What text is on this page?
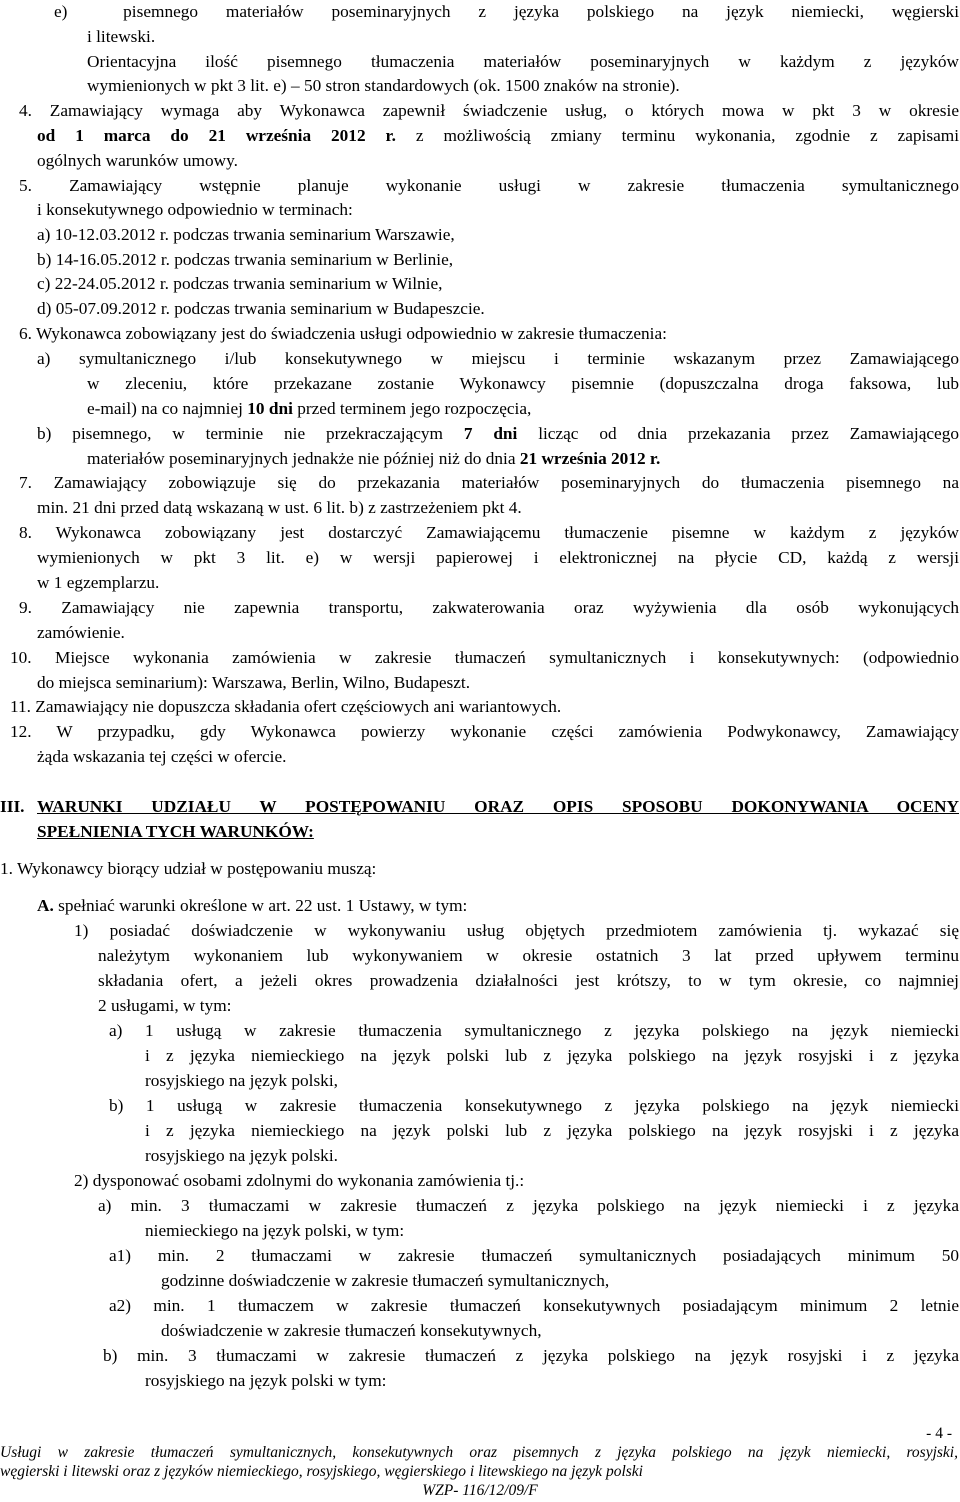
e)  pisemnego materiałów poseminaryjnych z języka polskiego na język niemiecki, węgierski
i litewski.
Orientacyjna ilość pisemnego tłumaczenia materiałów poseminaryjnych w każdym z języków
wymienionych w pkt 3 lit. e) – 50 stron standardowych (ok. 1500 znaków na stronie).
4. Zamawiający wymaga aby Wykonawca zapewnił świadczenie usług, o których mowa w pkt 3 w okresie
od 1 marca do 21 września 2012 r. z możliwością zmiany terminu wykonania, zgodnie z zapisami
ogólnych warunków umowy.
5. Zamawiający wstępnie planuje wykonanie usługi w zakresie tłumaczenia symultanicznego
i konsekutywnego odpowiednio w terminach:
a) 10-12.03.2012 r. podczas trwania seminarium Warszawie,
b) 14-16.05.2012 r. podczas trwania seminarium w Berlinie,
c) 22-24.05.2012 r. podczas trwania seminarium w Wilnie,
d) 05-07.09.2012 r. podczas trwania seminarium w Budapeszcie.
6. Wykonawca zobowiązany jest do świadczenia usługi odpowiednio w zakresie tłumaczenia:
a) symultanicznego i/lub konsekutywnego w miejscu i terminie wskazanym przez Zamawiającego
w zleceniu, które przekazane zostanie Wykonawcy pisemnie (dopuszczalna droga faksowa, lub
e-mail) na co najmniej 10 dni przed terminem jego rozpoczęcia,
b) pisemnego, w terminie nie przekraczającym 7 dni licząc od dnia przekazania przez Zamawiającego
materiałów poseminaryjnych jednakże nie później niż do dnia 21 września 2012 r.
7. Zamawiający zobowiązuje się do przekazania materiałów poseminaryjnych do tłumaczenia pisemnego na
min. 21 dni przed datą wskazaną w ust. 6 lit. b) z zastrzeżeniem pkt 4.
8. Wykonawca zobowiązany jest dostarczyć Zamawiającemu tłumaczenie pisemne w każdym z języków
wymienionych w pkt 3 lit. e) w wersji papierowej i elektronicznej na płycie CD, każdą z wersji
w 1 egzemplarzu.
9. Zamawiający nie zapewnia transportu, zakwaterowania oraz wyżywienia dla osób wykonujących
zamówienie.
10. Miejsce wykonania zamówienia w zakresie tłumaczeń symultanicznych i konsekutywnych: (odpowiednio
do miejsca seminarium): Warszawa, Berlin, Wilno, Budapeszt.
11. Zamawiający nie dopuszcza składania ofert częściowych ani wariantowych.
12. W przypadku, gdy Wykonawca powierzy wykonanie części zamówienia Podwykonawcy, Zamawiający
żąda wskazania tej części w ofercie.
III. WARUNKI UDZIAŁU W POSTĘPOWANIU ORAZ OPIS SPOSOBU DOKONYWANIA OCENY
SPEŁNIENIA TYCH WARUNKÓW:
1. Wykonawcy biorący udział w postępowaniu muszą:
A. spełniać warunki określone w art. 22 ust. 1 Ustawy, w tym:
1) posiadać doświadczenie w wykonywaniu usług objętych przedmiotem zamówienia tj. wykazać się
należytym wykonaniem lub wykonywaniem w okresie ostatnich 3 lat przed upływem terminu
składania ofert, a jeżeli okres prowadzenia działalności jest krótszy, to w tym okresie, co najmniej
2 usługami, w tym:
a) 1 usługą w zakresie tłumaczenia symultanicznego z języka polskiego na język niemiecki
i z języka niemieckiego na język polski lub z języka polskiego na język rosyjski i z języka
rosyjskiego na język polski,
b) 1 usługą w zakresie tłumaczenia konsekutywnego z języka polskiego na język niemiecki
i z języka niemieckiego na język polski lub z języka polskiego na język rosyjski i z języka
rosyjskiego na język polski.
2) dysponować osobami zdolnymi do wykonania zamówienia tj.:
a) min. 3 tłumaczami w zakresie tłumaczeń z języka polskiego na język niemiecki i z języka
niemieckiego na język polski, w tym:
a1) min. 2 tłumaczami w zakresie tłumaczeń symultanicznych posiadających minimum 50
godzinne doświadczenie w zakresie tłumaczeń symultanicznych,
a2) min. 1 tłumaczem w zakresie tłumaczeń konsekutywnych posiadającym minimum 2 letnie
doświadczenie w zakresie tłumaczeń konsekutywnych,
b) min. 3 tłumaczami w zakresie tłumaczeń z języka polskiego na język rosyjski i z języka
rosyjskiego na język polski w tym:
- 4 -
Usługi w zakresie tłumaczeń symultanicznych, konsekutywnych oraz pisemnych z języka polskiego na język niemiecki, rosyjski,
węgierski i litewski oraz z języków niemieckiego, rosyjskiego, węgierskiego i litewskiego na język polski
WZP- 116/12/09/F
